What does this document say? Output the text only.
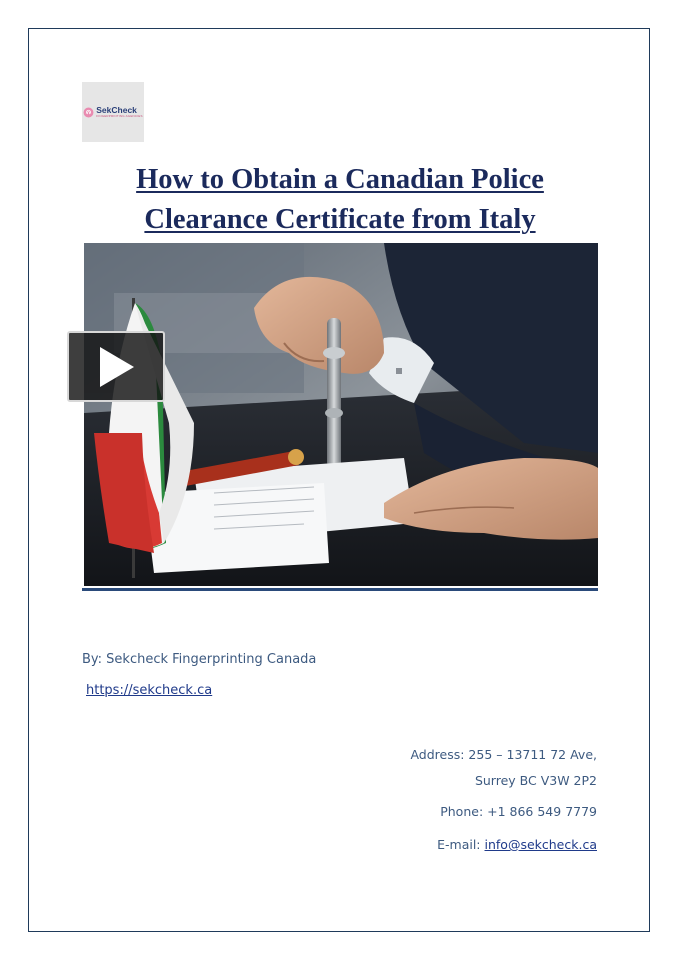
SekCheck
FINGERPRINTING AGENCIES
How to Obtain a Canadian Police
Clearance Certificate from Italy
By: Sekcheck Fingerprinting Canada
https://sekcheck.ca
Address: 255 – 13711 72 Ave,
Surrey BC V3W 2P2
Phone: +1 866 549 7779
E-mail: info@sekcheck.ca
